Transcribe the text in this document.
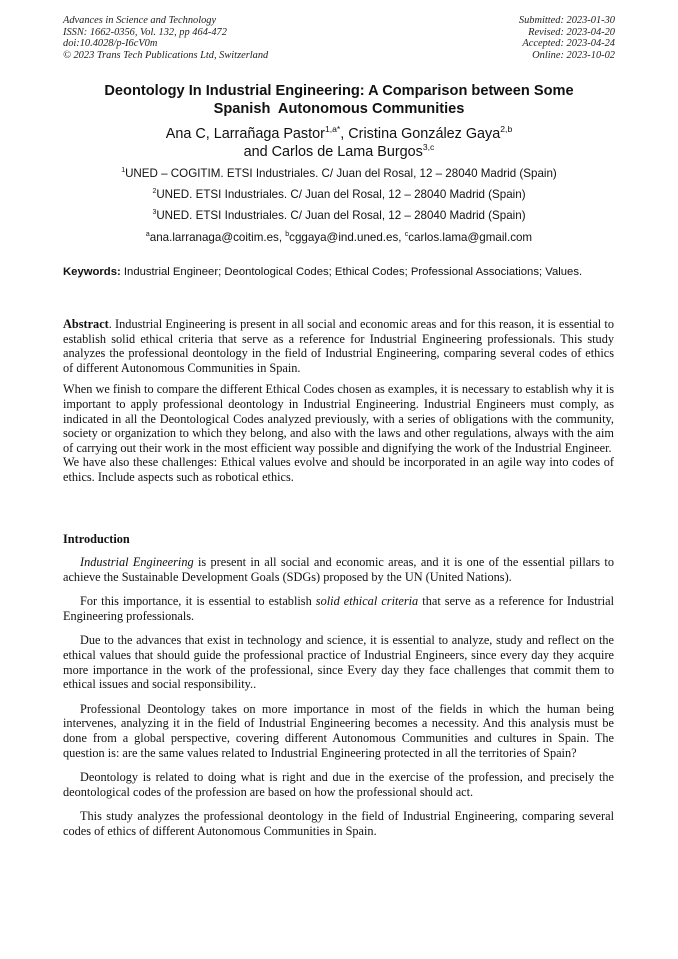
Advances in Science and Technology
ISSN: 1662-0356, Vol. 132, pp 464-472
doi:10.4028/p-I6cV0m
© 2023 Trans Tech Publications Ltd, Switzerland
Submitted: 2023-01-30
Revised: 2023-04-20
Accepted: 2023-04-24
Online: 2023-10-02
Deontology In Industrial Engineering: A Comparison between Some
Spanish  Autonomous Communities
Ana C, Larrañaga Pastor$^{1,a*}$, Cristina González Gaya$^{2,b}$
and Carlos de Lama Burgos$^{3,c}$
$^1$UNED – COGITIM. ETSI Industriales. C/ Juan del Rosal, 12 – 28040 Madrid (Spain)
$^2$UNED. ETSI Industriales. C/ Juan del Rosal, 12 – 28040 Madrid (Spain)
$^3$UNED. ETSI Industriales. C/ Juan del Rosal, 12 – 28040 Madrid (Spain)
$^a$ana.larranaga@coitim.es, $^b$cggaya@ind.uned.es, $^c$carlos.lama@gmail.com
Keywords: Industrial Engineer; Deontological Codes; Ethical Codes; Professional Associations; Values.
Abstract. Industrial Engineering is present in all social and economic areas and for this reason, it is essential to establish solid ethical criteria that serve as a reference for Industrial Engineering professionals. This study analyzes the professional deontology in the field of Industrial Engineering, comparing several codes of ethics of different Autonomous Communities in Spain.
When we finish to compare the different Ethical Codes chosen as examples, it is necessary to establish why it is important to apply professional deontology in Industrial Engineering. Industrial Engineers must comply, as indicated in all the Deontological Codes analyzed previously, with a series of obligations with the community, society or organization to which they belong, and also with the laws and other regulations, always with the aim of carrying out their work in the most efficient way possible and dignifying the work of the Industrial Engineer.
We have also these challenges: Ethical values evolve and should be incorporated in an agile way into codes of ethics. Include aspects such as robotical ethics.
Introduction
Industrial Engineering is present in all social and economic areas, and it is one of the essential pillars to achieve the Sustainable Development Goals (SDGs) proposed by the UN (United Nations).
For this importance, it is essential to establish solid ethical criteria that serve as a reference for Industrial Engineering professionals.
Due to the advances that exist in technology and science, it is essential to analyze, study and reflect on the ethical values that should guide the professional practice of Industrial Engineers, since every day they acquire more importance in the work of the professional, since Every day they face challenges that commit them to ethical issues and social responsibility..
Professional Deontology takes on more importance in most of the fields in which the human being intervenes, analyzing it in the field of Industrial Engineering becomes a necessity. And this analysis must be done from a global perspective, covering different Autonomous Communities and cultures in Spain. The question is: are the same values related to Industrial Engineering protected in all the territories of Spain?
Deontology is related to doing what is right and due in the exercise of the profession, and precisely the deontological codes of the profession are based on how the professional should act.
This study analyzes the professional deontology in the field of Industrial Engineering, comparing several codes of ethics of different Autonomous Communities in Spain.
